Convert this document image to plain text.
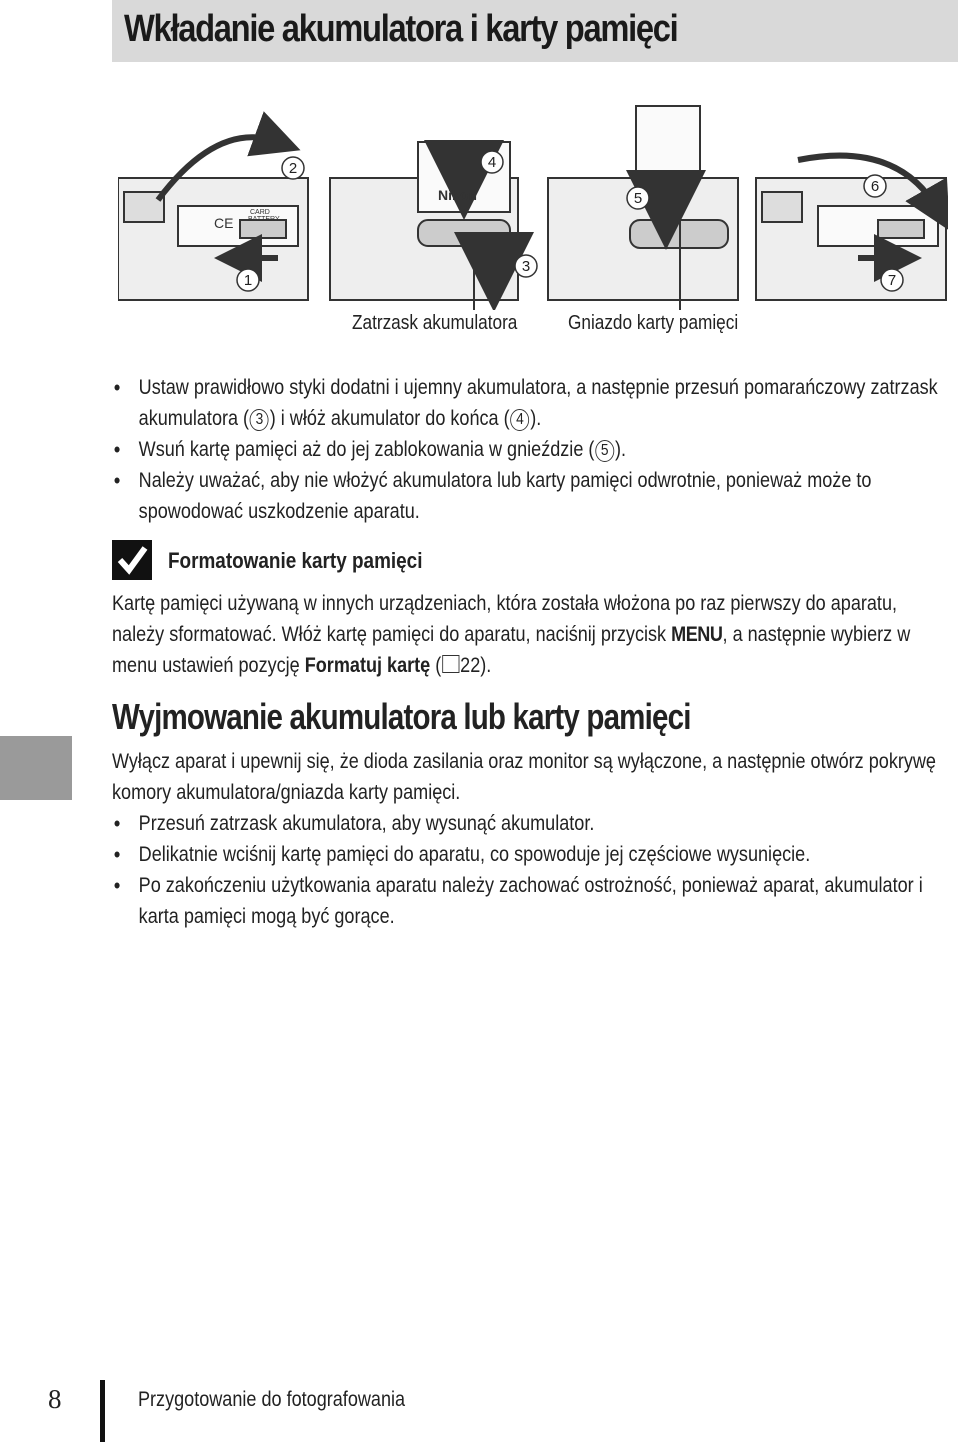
Wkładanie akumulatora i karty pamięci
CE
CARD
BATTERY
Nikon
1
2
3
4
5
6
7
Zatrzask akumulatora	Gniazdo karty pamięci
• Ustaw prawidłowo styki dodatni i ujemny akumulatora, a następnie przesuń pomarańczowy zatrzask akumulatora ( 3 ) i włóż akumulator do końca ( 4 ).
• Wsuń kartę pamięci aż do jej zablokowania w gnieździe ( 5 ).
• Należy uważać, aby nie włożyć akumulatora lub karty pamięci odwrotnie, ponieważ może to spowodować uszkodzenie aparatu.
Formatowanie karty pamięci
Kartę pamięci używaną w innych urządzeniach, która została włożona po raz pierwszy do aparatu, należy sformatować. Włóż kartę pamięci do aparatu, naciśnij przycisk MENU, a następnie wybierz w menu ustawień pozycję Formatuj kartę ( 22).
Wyjmowanie akumulatora lub karty pamięci
Wyłącz aparat i upewnij się, że dioda zasilania oraz monitor są wyłączone, a następnie otwórz pokrywę komory akumulatora/gniazda karty pamięci.
• Przesuń zatrzask akumulatora, aby wysunąć akumulator.
• Delikatnie wciśnij kartę pamięci do aparatu, co spowoduje jej częściowe wysunięcie.
• Po zakończeniu użytkowania aparatu należy zachować ostrożność, ponieważ aparat, akumulator i karta pamięci mogą być gorące.
8	Przygotowanie do fotografowania
